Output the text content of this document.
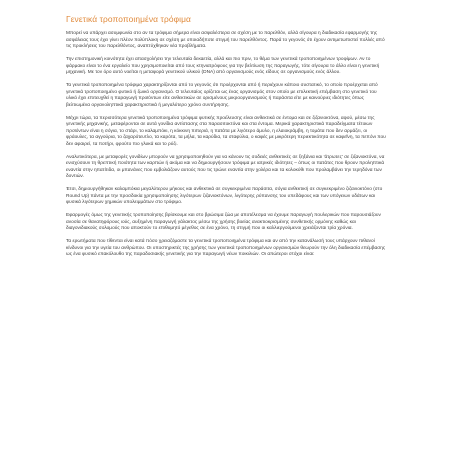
Γενετικά τροποποιημένα τρόφιμα

Μπορεί να υπάρχει ασυμφωνία στο αν τα τρόφιμα σήμερα είναι ασφαλέστερα σε σχέση με το παρελθόν, αλλά σίγουρα η διαδικασία εφαρμογής της ασφάλειας τους έχει γίνει πλέον πολύπλοκη σε σχέση με οποιαδήποτε στιγμή του παρελθόντος. Παρά το γεγονός ότι έχουν αντιμετωπιστεί πολλές από τις προκλήσεις του παρελθόντος, αναπτύχθηκαν νέα προβλήματα.

Την επιστημονική κοινότητα έχει απασχολήσει την τελευταία δεκαετία, αλλά και πιο πριν, το θέμα των γενετικά τροποποιημένων τροφίμων. Αν το φάρμακο είναι το ένα εργαλείο που χρησιμοποιείται από τους κτηνιατρόφους για την βελτίωση της παραγωγής, τότε σίγουρα το άλλο είναι η γενετική μηχανική. Με τον όρο αυτό νοείται η μεταφορά γενετικού υλικού (DNA) από οργανισμούς ενός είδους σε οργανισμούς ενός άλλου.

Τα γενετικά τροποποιημένα τρόφιμα χαρακτηρίζονται από το γεγονός ότι προέρχονται από ή περιέχουν κάποιο συστατικό, το οποίο προέρχεται από γενετικά τροποποιημένο φυτικό ή ζωικό οργανισμό. Ο τελευταίος ορίζεται ως ένας οργανισμός στον οποίο με επιλεκτική επέμβαση στο γενετικό του υλικό έχει επιτευχθεί η παραγωγή προϊόντων είτε ανθεκτικών σε ορισμένους μικροοργανισμούς ή παράσιτα είτε με καινούριες ιδιότητες όπως βελτιωμένα οργανοληπτικά χαρακτηριστικά ή μεγαλύτερο χρόνο συντήρησης.

Μέχρι τώρα, τα περισσότερα γενετικά τροποποιημένα τρόφιμα φυτικής προέλευσης είναι ανθεκτικά σε έντομα και σε ζιζανιοκτόνα, αφού, μέσω της γενετικής μηχανικής, μεταφέρονται σε αυτά γονίδια αντίστασης στα παρασιτοκτόνα και στα έντομα. Μερικά χαρακτηριστικά παραδείγματα τέτοιων προϊόντων είναι η σόγια, το στάρι, το καλαμπόκι, η κόκκινη πιπεριά, η πατάτα με λιγότερο άμυλο, η ελαιοκράμβη, η τομάτα που δεν αρμάζει, οι φράουλες, τα αγγούρια, το ζαχαρότευτλο, τα καρότα, τα μήλα, τα καρύδια, τα σταφύλια, ο καφές με μικρότερη περιεκτικότητα σε καφεΐνη, τα πεπόνι που δεν αφαιρεί, τα ποτήρι, φρούτο πιο γλυκά και το ρύζι.

Αναλυτικότερα, με μεταφορές γονιδίων μπορούν να χρησιμοποιηθούν για να κάνουν τις σοδειές ανθεκτικές σε ξηξάνια και 'άτρωτες' σε ζιζανιοκτόνα, να ενισχύσουν τη θρεπτική ποιότητα των καρπών ή ακόμα και να δημιουργήσουν τρόφιμα με ιατρικές ιδιότητες – όπως οι πατάτες που θρουν προληπτικά εναντία στην ηπατίτιδα, οι μπανάνες που εμβολιάζουν αυτούς που τις τρώνε εναντία στην χολέρα και τα κολοκύθι που προλαμβάνει την τερηδόνα των δοντιών.

Έτσι, δημιουργήθηκαν καλαμπόκια μεγαλύτερου μήκους και ανθεκτικά σε συγκεκριμένα παράσιτα, σόγια ανθεκτική σε συγκεκριμένο ζιζανιοκτόνο (στο Round Up) πάντα με την προσδοκία χρησιμοποίησης λιγότερων ζιζανιοκτόνων, λιγότερης ρύπανσης του υπεδάφους και των υπόγειων υδάτων και φυσικά λιγότερων χημικών υπολειμμάτων στο τρόφιμο.

Εφαρμογές όμως της γενετικής τροποποίησης βρίσκουμε και στο βρώσιμα ζώα με αποτέλεσμα να έχουμε παραγωγή πουλερικών που παρουσιάζουν ανοσία σε θανατηφόρους ιούς, αυξημένη παραγωγή γάλακτος μέσω της χρήσης βοείας ανακτιοκρισμένης συνθετικής ορμόνης καθώς και διαγονιδιακούς σολομούς που αποκτούν το επιθυμητό μέγεθος σε ένα χρόνο, τη στιγμή που οι καλλιεργούμενοι χρειάζονται τρία χρόνια.

Τα ερωτήματα που τίθενται είναι κατά πόσο χρειαζόμαστε τα γενετικά τροποποιημένα τρόφιμα και αν από την κατανάλωσή τους υπάρχουν πιθανοί κίνδυνοι για την υγεία του ανθρώπου. Οι υποστηρικτές της χρήσης των γενετικά τροποποιημένων οργανισμών θεωρούν την όλη διαδικασία επέμβασης ως ένα φυσικό επακόλουθο της παραδοσιακής γενετικής για την παραγωγή νέων ποικιλιών. Οι απώτεροι στόχοι είναι:
